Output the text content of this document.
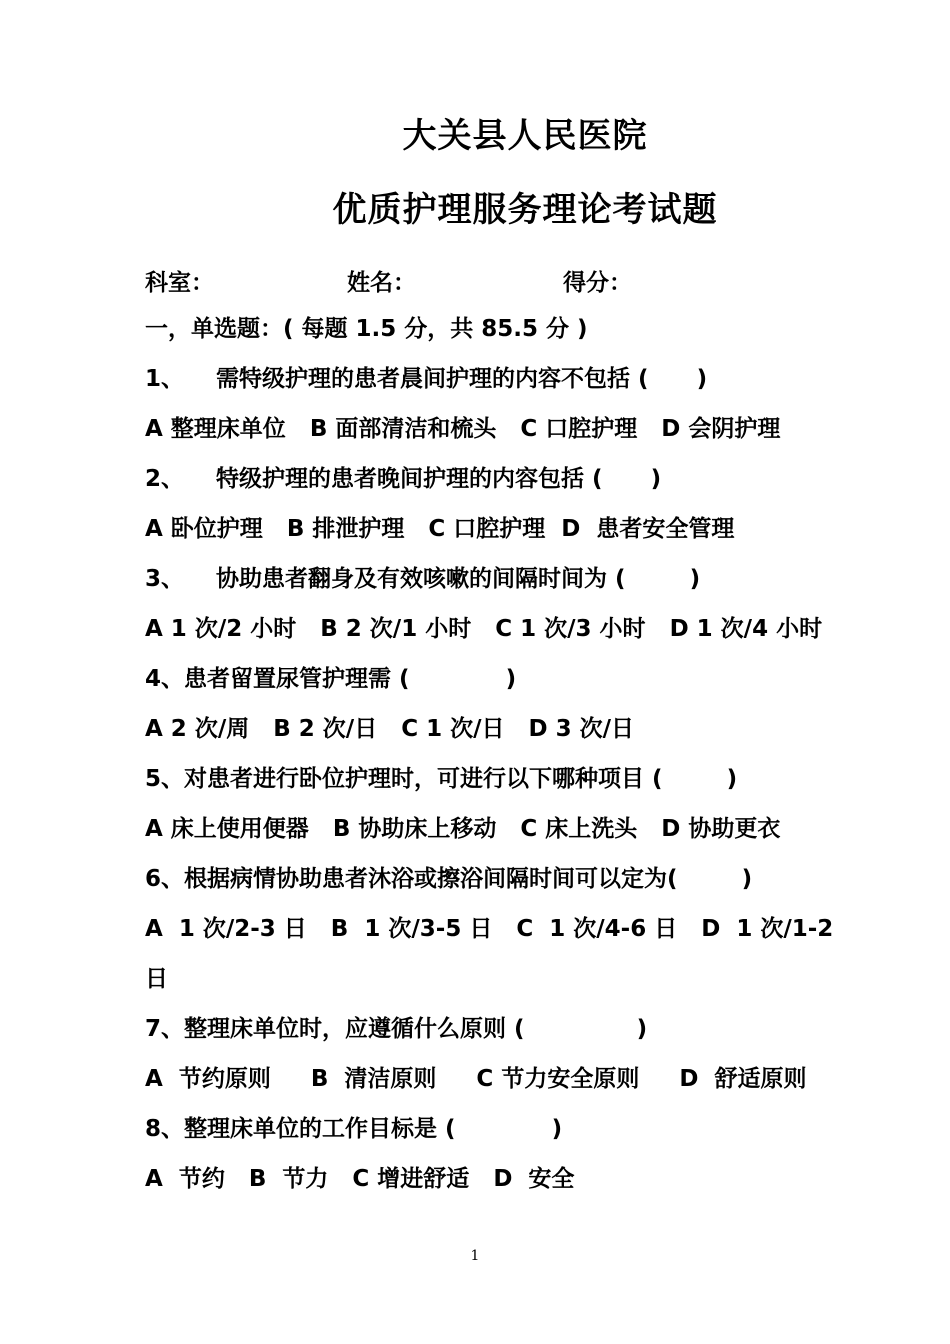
大关县人民医院
优质护理服务理论考试题
科室：	姓名：	得分：
一，单选题：( 每题 1.5 分，共 85.5 分 )
1、    需特级护理的患者晨间护理的内容不包括 (      )
A 整理床单位   B 面部清洁和梳头   C 口腔护理   D 会阴护理
2、    特级护理的患者晚间护理的内容包括 (      )
A 卧位护理   B 排泄护理   C 口腔护理  D  患者安全管理
3、    协助患者翻身及有效咳嗽的间隔时间为 (        )
A 1 次/2 小时   B 2 次/1 小时   C 1 次/3 小时   D 1 次/4 小时
4、患者留置尿管护理需 (            )
A 2 次/周   B 2 次/日   C 1 次/日   D 3 次/日
5、对患者进行卧位护理时，可进行以下哪种项目 (        )
A 床上使用便器   B 协助床上移动   C 床上洗头   D 协助更衣
6、根据病情协助患者沐浴或擦浴间隔时间可以定为(        )
A  1 次/2-3 日   B  1 次/3-5 日   C  1 次/4-6 日   D  1 次/1-2
日
7、整理床单位时，应遵循什么原则 (              )
A  节约原则     B  清洁原则     C 节力安全原则     D  舒适原则
8、整理床单位的工作目标是 (            )
A  节约   B  节力   C 增进舒适   D  安全
1
